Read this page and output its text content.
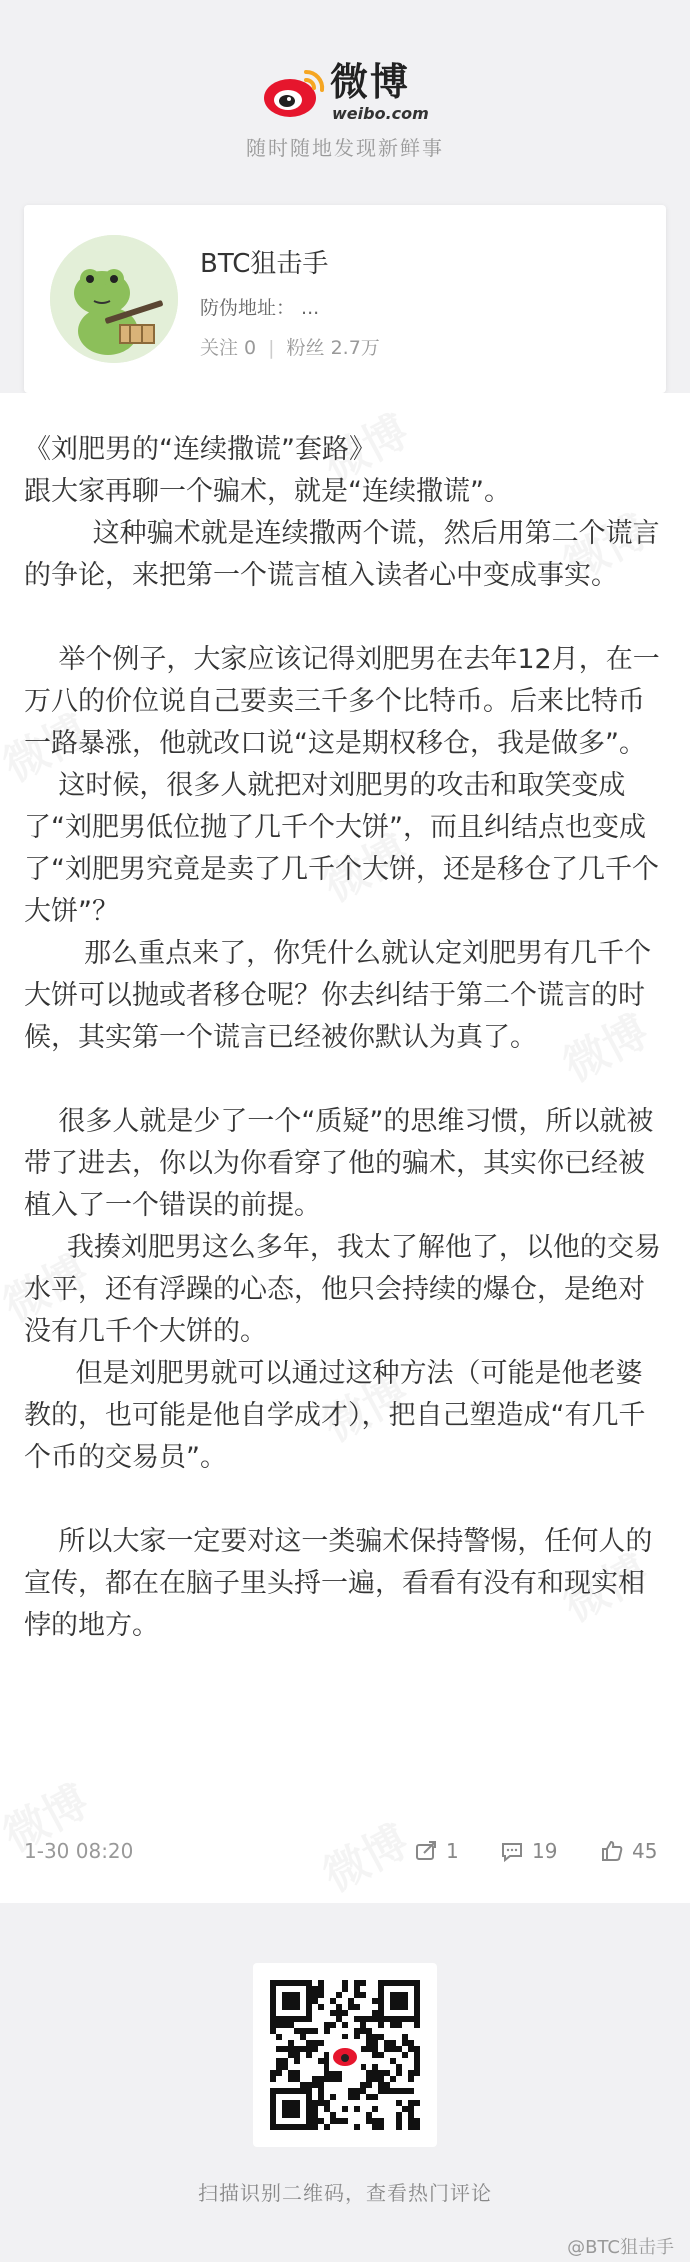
微博
weibo.com
随时随地发现新鲜事
BTC狙击手
防伪地址： ...
关注 0 | 粉丝 2.7万

《刘肥男的“连续撒谎”套路》

跟大家再聊一个骗术，就是“连续撒谎”。

这种骗术就是连续撒两个谎，然后用第二个谎言的争论，来把第一个谎言植入读者心中变成事实。

举个例子，大家应该记得刘肥男在去年12月，在一万八的价位说自己要卖三千多个比特币。后来比特币一路暴涨，他就改口说“这是期权移仓，我是做多”。

这时候，很多人就把对刘肥男的攻击和取笑变成了“刘肥男低位抛了几千个大饼”，而且纠结点也变成了“刘肥男究竟是卖了几千个大饼，还是移仓了几千个大饼”？

那么重点来了，你凭什么就认定刘肥男有几千个大饼可以抛或者移仓呢？你去纠结于第二个谎言的时候，其实第一个谎言已经被你默认为真了。

很多人就是少了一个“质疑”的思维习惯，所以就被带了进去，你以为你看穿了他的骗术，其实你已经被植入了一个错误的前提。

我揍刘肥男这么多年，我太了解他了，以他的交易水平，还有浮躁的心态，他只会持续的爆仓，是绝对没有几千个大饼的。

但是刘肥男就可以通过这种方法（可能是他老婆教的，也可能是他自学成才），把自己塑造成“有几千个币的交易员”。

所以大家一定要对这一类骗术保持警惕，任何人的宣传，都在在脑子里头捋一遍，看看有没有和现实相悖的地方。

1-30 08:20	1	19	45
扫描识别二维码，查看热门评论
@BTC狙击手
